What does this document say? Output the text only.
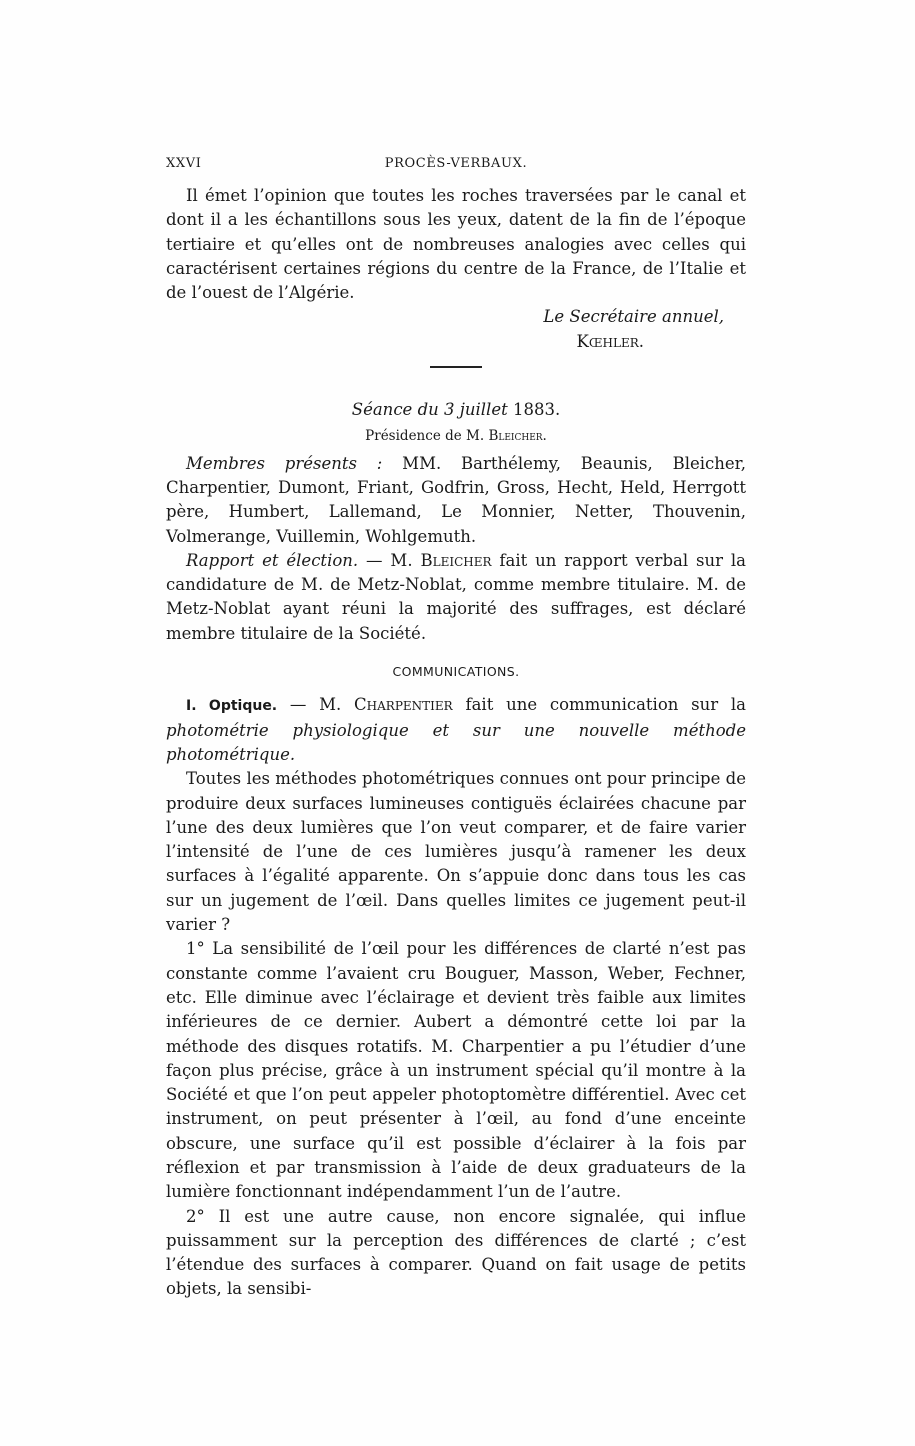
XXVI	PROCÈS-VERBAUX.

Il émet l’opinion que toutes les roches traversées par le canal et dont il a les échantillons sous les yeux, datent de la fin de l’époque tertiaire et qu’elles ont de nombreuses analogies avec celles qui caractérisent certaines régions du centre de la France, de l’Italie et de l’ouest de l’Algérie.

Le Secrétaire annuel,

Kœhler.

Séance du 3 juillet 1883.

Présidence de M. Bleicher.

Membres présents : MM. Barthélemy, Beaunis, Bleicher, Charpentier, Dumont, Friant, Godfrin, Gross, Hecht, Held, Herrgott père, Humbert, Lallemand, Le Monnier, Netter, Thouvenin, Volmerange, Vuillemin, Wohlgemuth.

Rapport et élection. — M. Bleicher fait un rapport verbal sur la candidature de M. de Metz-Noblat, comme membre titulaire. M. de Metz-Noblat ayant réuni la majorité des suffrages, est déclaré membre titulaire de la Société.

COMMUNICATIONS.

I. Optique. — M. Charpentier fait une communication sur la photométrie physiologique et sur une nouvelle méthode photométrique.

Toutes les méthodes photométriques connues ont pour principe de produire deux surfaces lumineuses contiguës éclairées chacune par l’une des deux lumières que l’on veut comparer, et de faire varier l’intensité de l’une de ces lumières jusqu’à ramener les deux surfaces à l’égalité apparente. On s’appuie donc dans tous les cas sur un jugement de l’œil. Dans quelles limites ce jugement peut-il varier ?

1° La sensibilité de l’œil pour les différences de clarté n’est pas constante comme l’avaient cru Bouguer, Masson, Weber, Fechner, etc. Elle diminue avec l’éclairage et devient très faible aux limites inférieures de ce dernier. Aubert a démontré cette loi par la méthode des disques rotatifs. M. Charpentier a pu l’étudier d’une façon plus précise, grâce à un instrument spécial qu’il montre à la Société et que l’on peut appeler photoptomètre différentiel. Avec cet instrument, on peut présenter à l’œil, au fond d’une enceinte obscure, une surface qu’il est possible d’éclairer à la fois par réflexion et par transmission à l’aide de deux graduateurs de la lumière fonctionnant indépendamment l’un de l’autre.

2° Il est une autre cause, non encore signalée, qui influe puissamment sur la perception des différences de clarté ; c’est l’étendue des surfaces à comparer. Quand on fait usage de petits objets, la sensibi-
